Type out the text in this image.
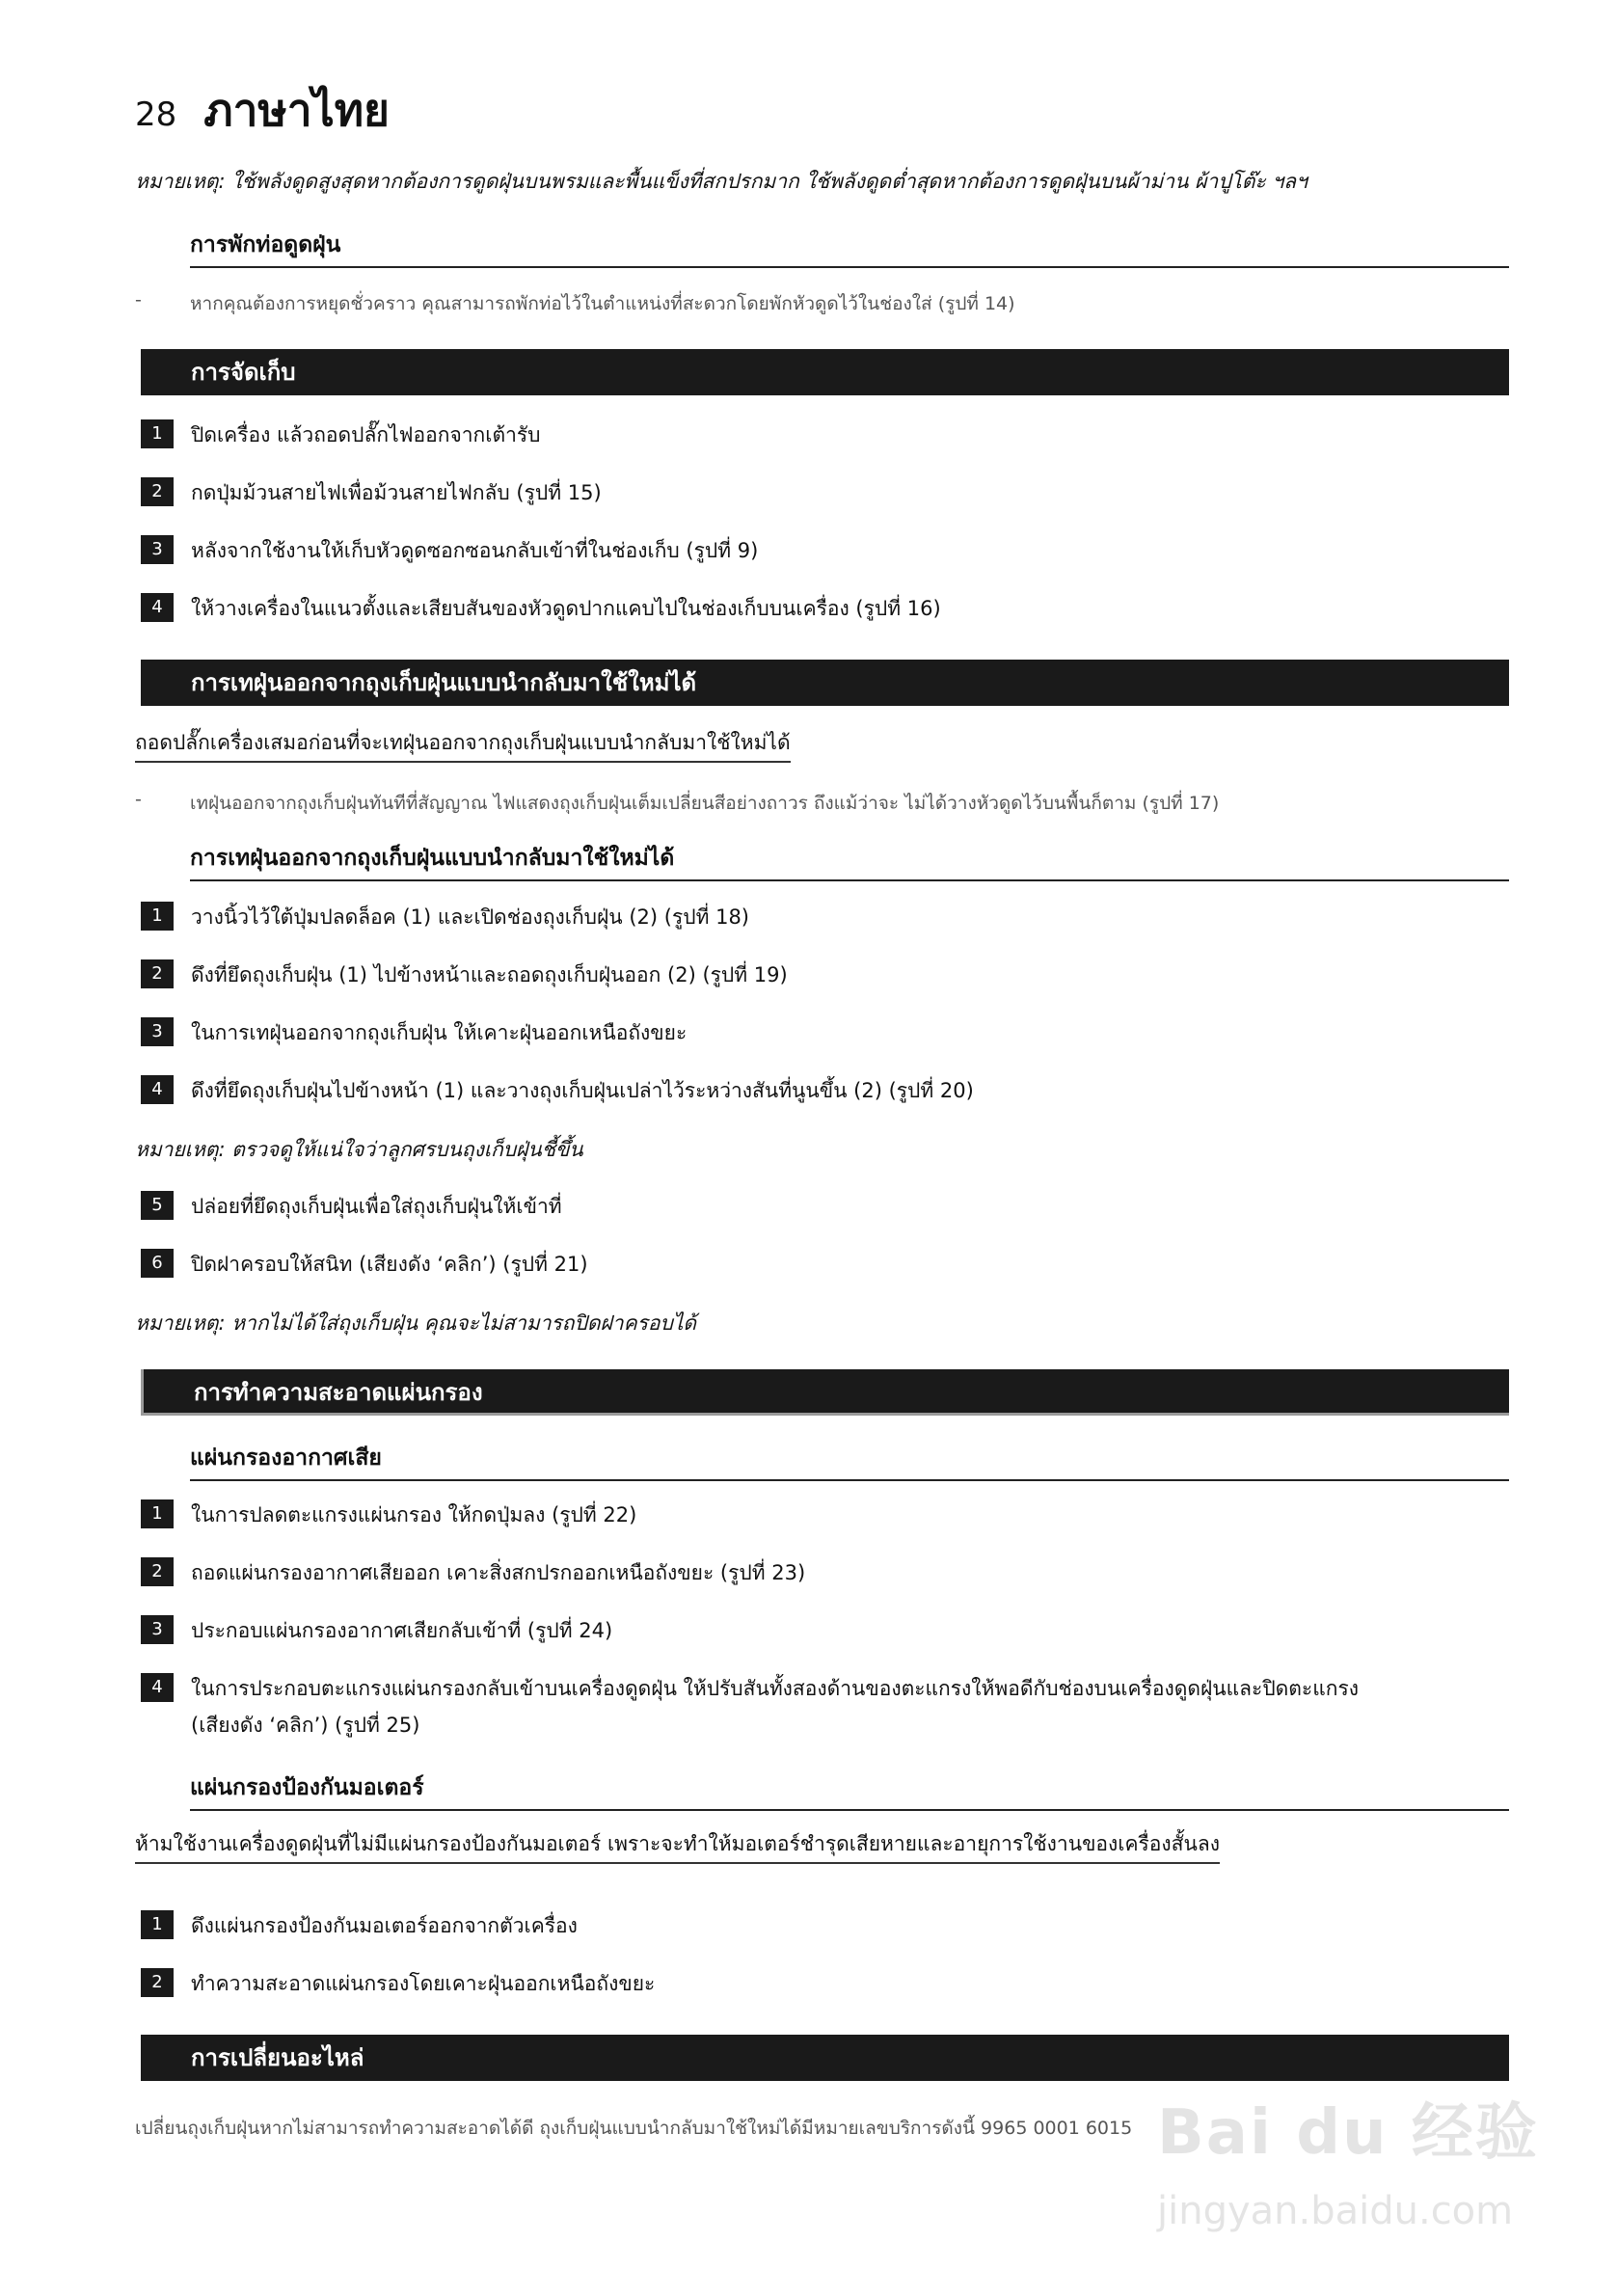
28 ภาษาไทย
หมายเหตุ: ใช้พลังดูดสูงสุดหากต้องการดูดฝุ่นบนพรมและพื้นแข็งที่สกปรกมาก ใช้พลังดูดต่ำสุดหากต้องการดูดฝุ่นบนผ้าม่าน ผ้าปูโต๊ะ ฯลฯ
การพักท่อดูดฝุ่น
-	หากคุณต้องการหยุดชั่วคราว คุณสามารถพักท่อไว้ในตำแหน่งที่สะดวกโดยพักหัวดูดไว้ในช่องใส่ (รูปที่ 14)
การจัดเก็บ
1	ปิดเครื่อง แล้วถอดปลั๊กไฟออกจากเต้ารับ
2	กดปุ่มม้วนสายไฟเพื่อม้วนสายไฟกลับ (รูปที่ 15)
3	หลังจากใช้งานให้เก็บหัวดูดซอกซอนกลับเข้าที่ในช่องเก็บ (รูปที่ 9)
4	ให้วางเครื่องในแนวตั้งและเสียบสันของหัวดูดปากแคบไปในช่องเก็บบนเครื่อง (รูปที่ 16)
การเทฝุ่นออกจากถุงเก็บฝุ่นแบบนำกลับมาใช้ใหม่ได้
ถอดปลั๊กเครื่องเสมอก่อนที่จะเทฝุ่นออกจากถุงเก็บฝุ่นแบบนำกลับมาใช้ใหม่ได้
-	เทฝุ่นออกจากถุงเก็บฝุ่นทันทีที่สัญญาณ ไฟแสดงถุงเก็บฝุ่นเต็มเปลี่ยนสีอย่างถาวร ถึงแม้ว่าจะ ไม่ได้วางหัวดูดไว้บนพื้นก็ตาม (รูปที่ 17)
การเทฝุ่นออกจากถุงเก็บฝุ่นแบบนำกลับมาใช้ใหม่ได้
1	วางนิ้วไว้ใต้ปุ่มปลดล็อค (1) และเปิดช่องถุงเก็บฝุ่น (2) (รูปที่ 18)
2	ดึงที่ยึดถุงเก็บฝุ่น (1) ไปข้างหน้าและถอดถุงเก็บฝุ่นออก (2) (รูปที่ 19)
3	ในการเทฝุ่นออกจากถุงเก็บฝุ่น ให้เคาะฝุ่นออกเหนือถังขยะ
4	ดึงที่ยึดถุงเก็บฝุ่นไปข้างหน้า (1) และวางถุงเก็บฝุ่นเปล่าไว้ระหว่างสันที่นูนขึ้น (2) (รูปที่ 20)
หมายเหตุ: ตรวจดูให้แน่ใจว่าลูกศรบนถุงเก็บฝุ่นชี้ขึ้น
5	ปล่อยที่ยึดถุงเก็บฝุ่นเพื่อใส่ถุงเก็บฝุ่นให้เข้าที่
6	ปิดฝาครอบให้สนิท (เสียงดัง ‘คลิก’) (รูปที่ 21)
หมายเหตุ: หากไม่ได้ใส่ถุงเก็บฝุ่น คุณจะไม่สามารถปิดฝาครอบได้
การทำความสะอาดแผ่นกรอง
แผ่นกรองอากาศเสีย
1	ในการปลดตะแกรงแผ่นกรอง ให้กดปุ่มลง (รูปที่ 22)
2	ถอดแผ่นกรองอากาศเสียออก เคาะสิ่งสกปรกออกเหนือถังขยะ (รูปที่ 23)
3	ประกอบแผ่นกรองอากาศเสียกลับเข้าที่ (รูปที่ 24)
4	ในการประกอบตะแกรงแผ่นกรองกลับเข้าบนเครื่องดูดฝุ่น ให้ปรับสันทั้งสองด้านของตะแกรงให้พอดีกับช่องบนเครื่องดูดฝุ่นและปิดตะแกรง
(เสียงดัง ‘คลิก’) (รูปที่ 25)
แผ่นกรองป้องกันมอเตอร์
ห้ามใช้งานเครื่องดูดฝุ่นที่ไม่มีแผ่นกรองป้องกันมอเตอร์ เพราะจะทำให้มอเตอร์ชำรุดเสียหายและอายุการใช้งานของเครื่องสั้นลง
1	ดึงแผ่นกรองป้องกันมอเตอร์ออกจากตัวเครื่อง
2	ทำความสะอาดแผ่นกรองโดยเคาะฝุ่นออกเหนือถังขยะ
การเปลี่ยนอะไหล่
เปลี่ยนถุงเก็บฝุ่นหากไม่สามารถทำความสะอาดได้ดี ถุงเก็บฝุ่นแบบนำกลับมาใช้ใหม่ได้มีหมายเลขบริการดังนี้ 9965 0001 6015 Bai du 经验
jingyan.baidu.com
